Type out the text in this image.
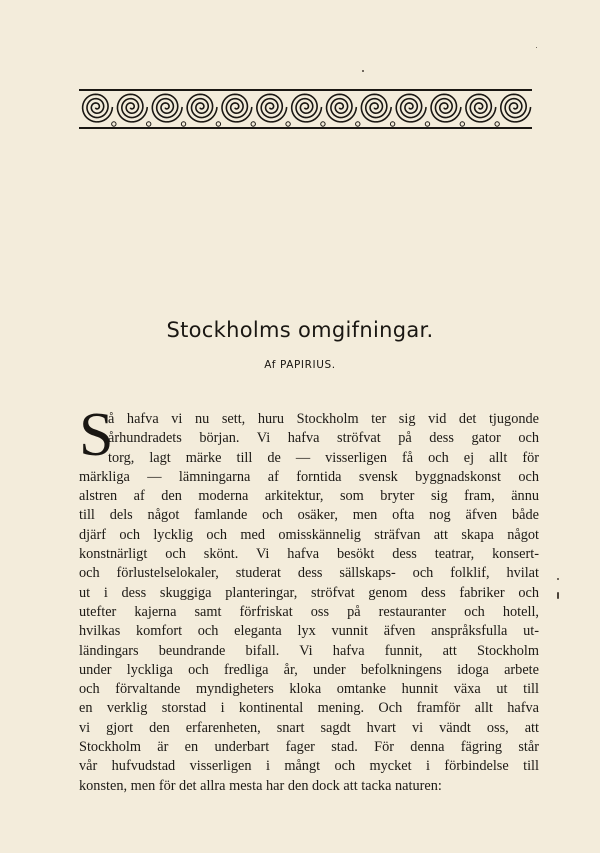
Stockholms omgifningar.
Af PAPIRIUS.
S
å hafva vi nu sett, huru Stockholm ter sig vid det tjugonde
århundradets början. Vi hafva ströfvat på dess gator och
torg, lagt märke till de — visserligen få och ej allt för
märkliga — lämningarna af forntida svensk byggnadskonst och
alstren af den moderna arkitektur, som bryter sig fram, ännu
till dels något famlande och osäker, men ofta nog äfven både
djärf och lycklig och med omisskännelig sträfvan att skapa något
konstnärligt och skönt. Vi hafva besökt dess teatrar, konsert-
och förlustelselokaler, studerat dess sällskaps- och folklif, hvilat
ut i dess skuggiga planteringar, ströfvat genom dess fabriker och
utefter kajerna samt förfriskat oss på restauranter och hotell,
hvilkas komfort och eleganta lyx vunnit äfven anspråksfulla ut-
ländingars beundrande bifall. Vi hafva funnit, att Stockholm
under lyckliga och fredliga år, under befolkningens idoga arbete
och förvaltande myndigheters kloka omtanke hunnit växa ut till
en verklig storstad i kontinental mening. Och framför allt hafva
vi gjort den erfarenheten, snart sagdt hvart vi vändt oss, att
Stockholm är en underbart fager stad. För denna fägring står
vår hufvudstad visserligen i mångt och mycket i förbindelse till
konsten, men för det allra mesta har den dock att tacka naturen:
